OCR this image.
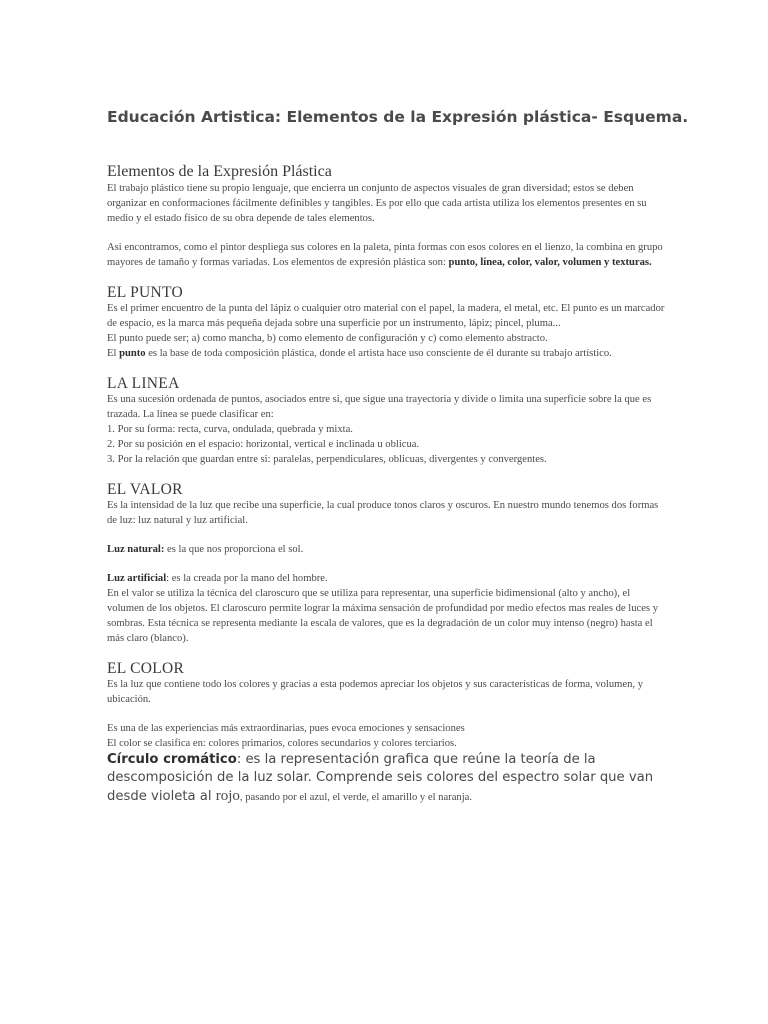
Educación Artistica: Elementos de la Expresión plástica- Esquema.
Elementos de la Expresión Plástica

El trabajo plástico tiene su propio lenguaje, que encierra un conjunto de aspectos visuales de gran diversidad; estos se deben organizar en conformaciones fácilmente definibles y tangibles. Es por ello que cada artista utiliza los elementos presentes en su medio y el estado físico de su obra depende de tales elementos.

Asi encontramos, como el pintor despliega sus colores en la paleta, pinta formas con esos colores en el lienzo, la combina en grupo mayores de tamaño y formas variadas. Los elementos de expresión plástica son: punto, línea, color, valor, volumen y texturas.

EL PUNTO

Es el primer encuentro de la punta del lápiz o cualquier otro material con el papel, la madera, el metal, etc. El punto es un marcador de espacio, es la marca más pequeña dejada sobre una superficie por un instrumento, lápiz; pincel, pluma...

El punto puede ser; a) como mancha, b) como elemento de configuración y c) como elemento abstracto.

El punto es la base de toda composición plástica, donde el artista hace uso consciente de él durante su trabajo artístico.

LA LINEA

Es una sucesión ordenada de puntos, asociados entre si, que sigue una trayectoria y divide o limita una superficie sobre la que es trazada. La línea se puede clasificar en:

1. Por su forma: recta, curva, ondulada, quebrada y mixta.

2. Por su posición en el espacio: horizontal, vertical e inclinada u oblicua.

3. Por la relación que guardan entre si: paralelas, perpendiculares, oblicuas, divergentes y convergentes.

EL VALOR

Es la intensidad de la luz que recibe una superficie, la cual produce tonos claros y oscuros. En nuestro mundo tenemos dos formas de luz: luz natural y luz artificial.

Luz natural: es la que nos proporciona el sol.

Luz artificial: es la creada por la mano del hombre.

En el valor se utiliza la técnica del claroscuro que se utiliza para representar, una superficie bidimensional (alto y ancho), el volumen de los objetos. El claroscuro permite lograr la máxima sensación de profundidad por medio efectos mas reales de luces y sombras. Esta técnica se representa mediante la escala de valores, que es la degradación de un color muy intenso (negro) hasta el más claro (blanco).

EL COLOR

Es la luz que contiene todo los colores y gracias a esta podemos apreciar los objetos y sus características de forma, volumen, y ubicación.

Es una de las experiencias más extraordinarias, pues evoca emociones y sensaciones

El color se clasifica en: colores primarios, colores secundarios y colores terciarios.

Círculo cromático: es la representación grafica que reúne la teoría de la descomposición de la luz solar. Comprende seis colores del espectro solar que van desde violeta al rojo, pasando por el azul, el verde, el amarillo y el naranja.
